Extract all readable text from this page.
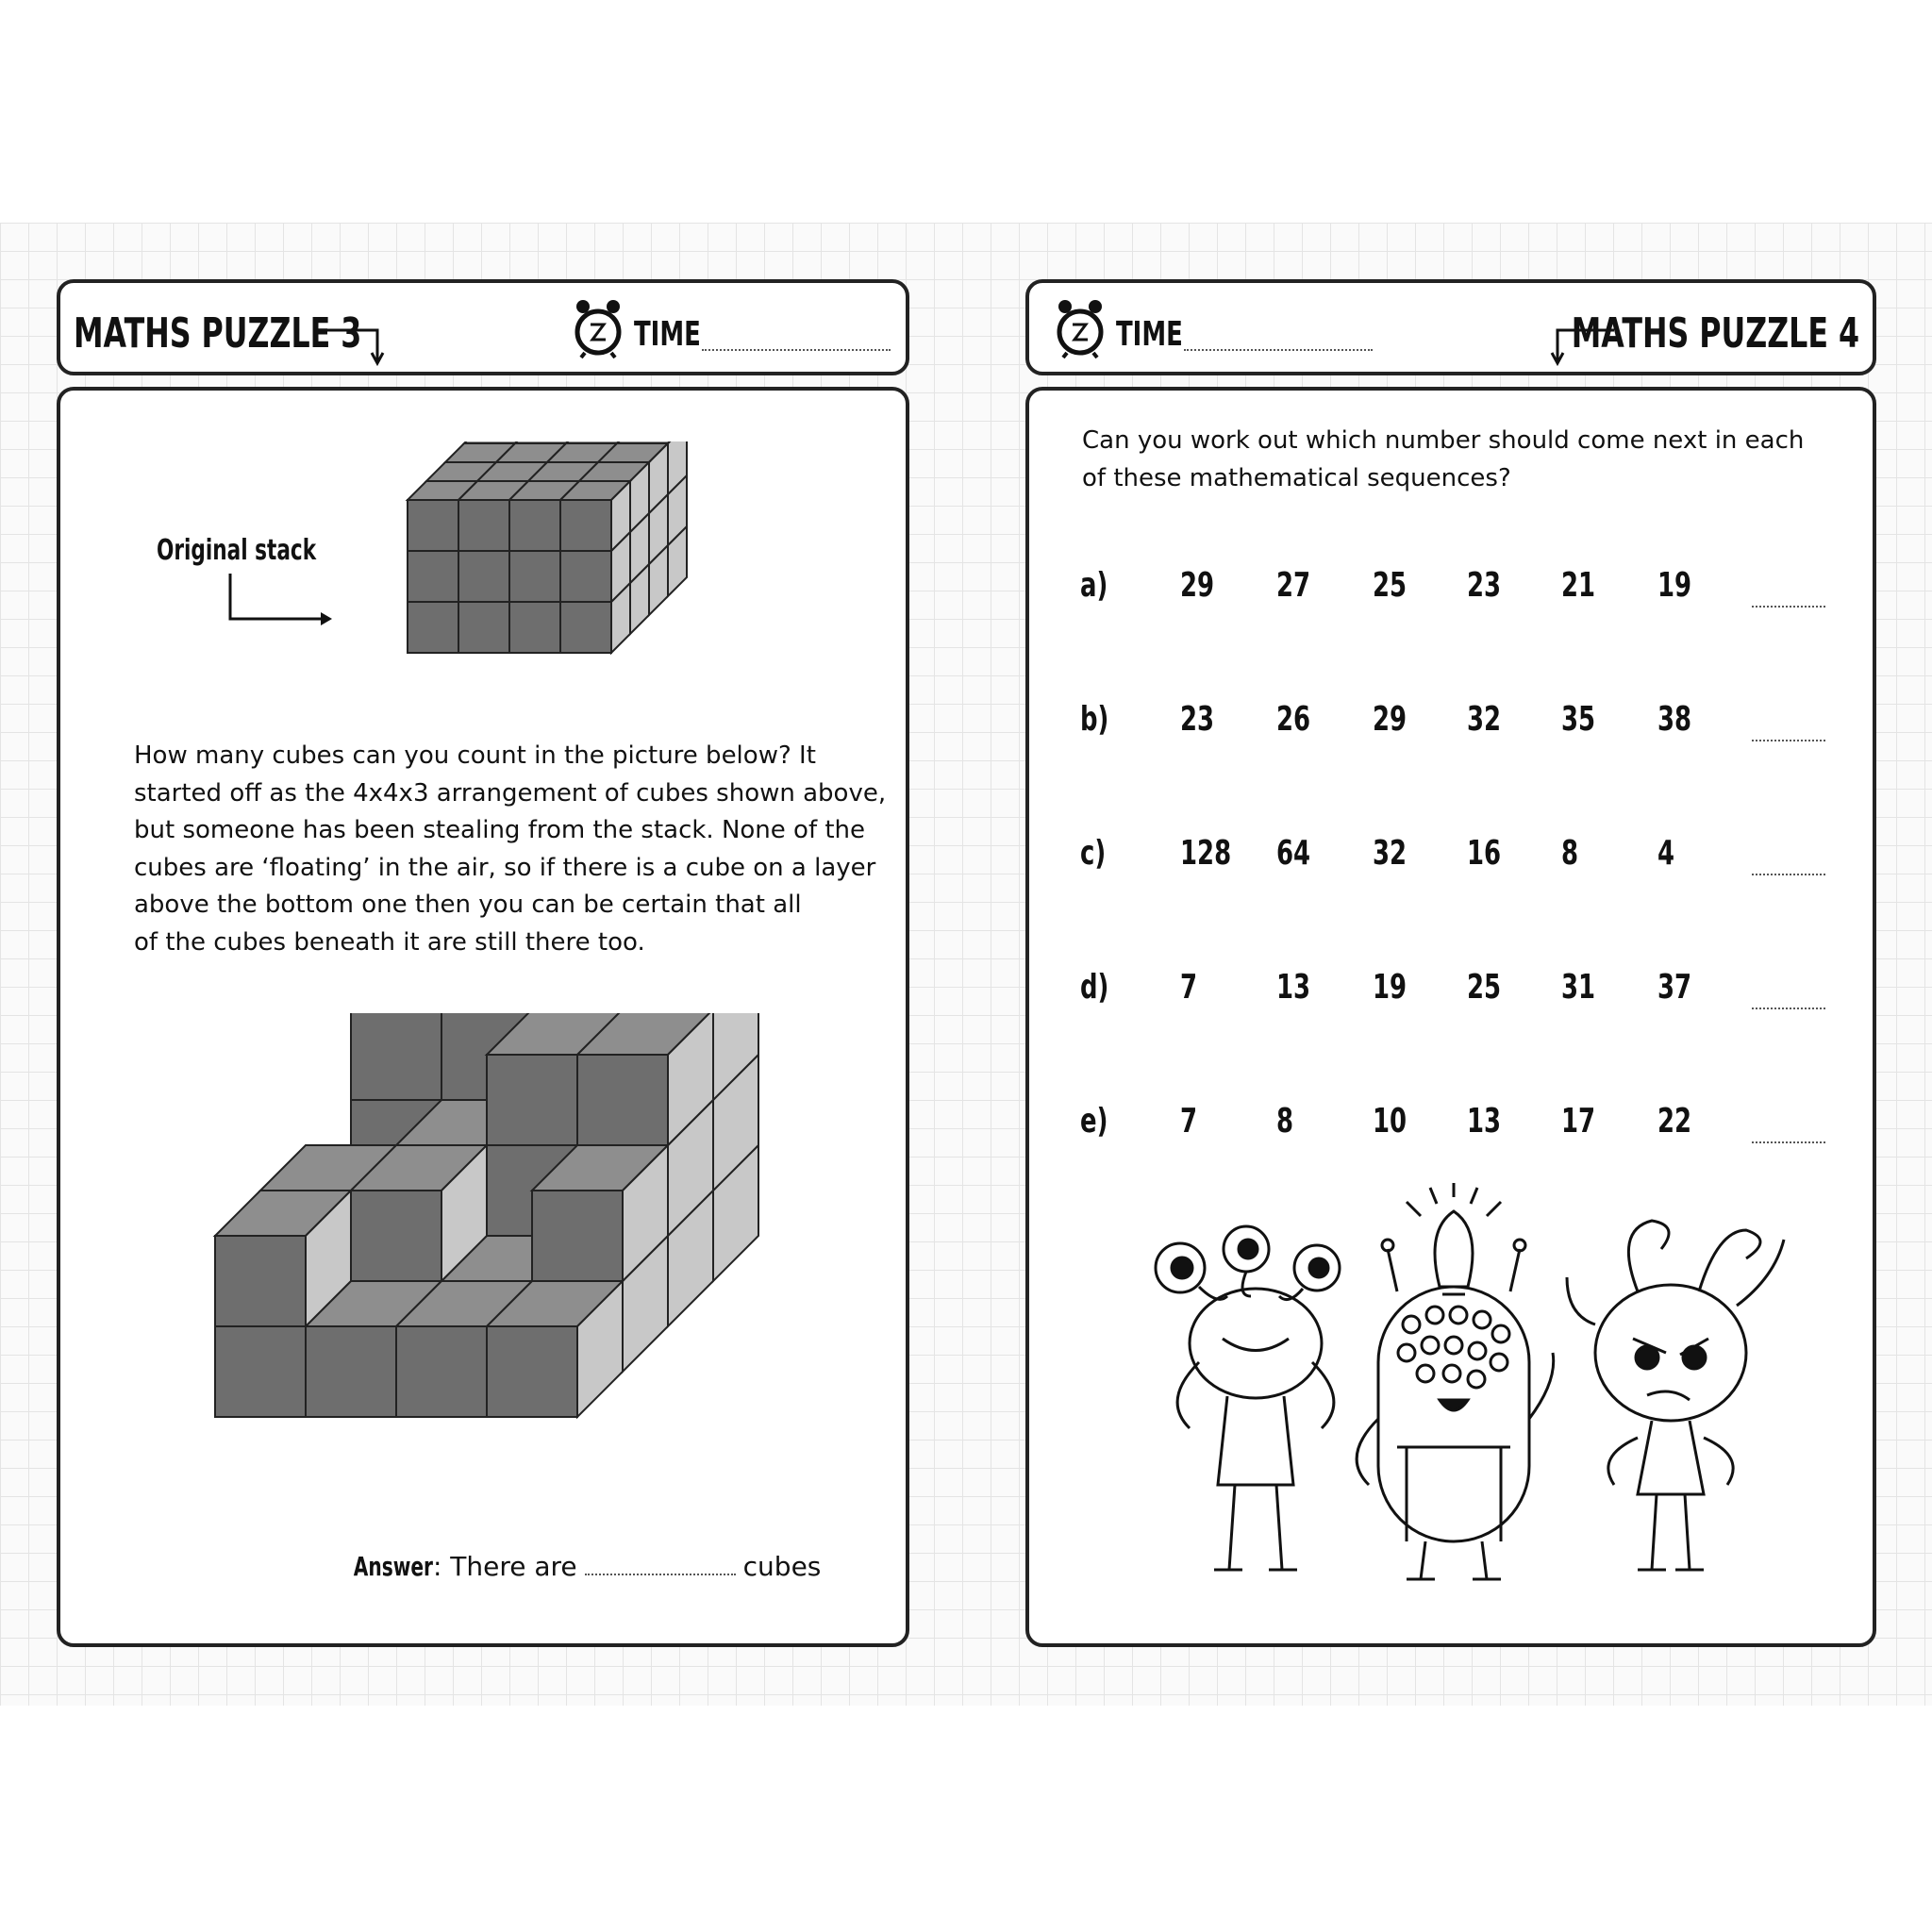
MATHS PUZZLE 3	TIME
Original stack
How many cubes can you count in the picture below? It
started off as the 4x4x3 arrangement of cubes shown above,
but someone has been stealing from the stack. None of the
cubes are ‘floating’ in the air, so if there is a cube on a layer
above the bottom one then you can be certain that all
of the cubes beneath it are still there too.
Answer: There are	cubes
TIME	MATHS PUZZLE 4
Can you work out which number should come next in each
of these mathematical sequences?
a) 29 27 25 23 21 19
b) 23 26 29 32 35 38
c) 128 64 32 16 8 4
d) 7 13 19 25 31 37
e) 7 8 10 13 17 22
